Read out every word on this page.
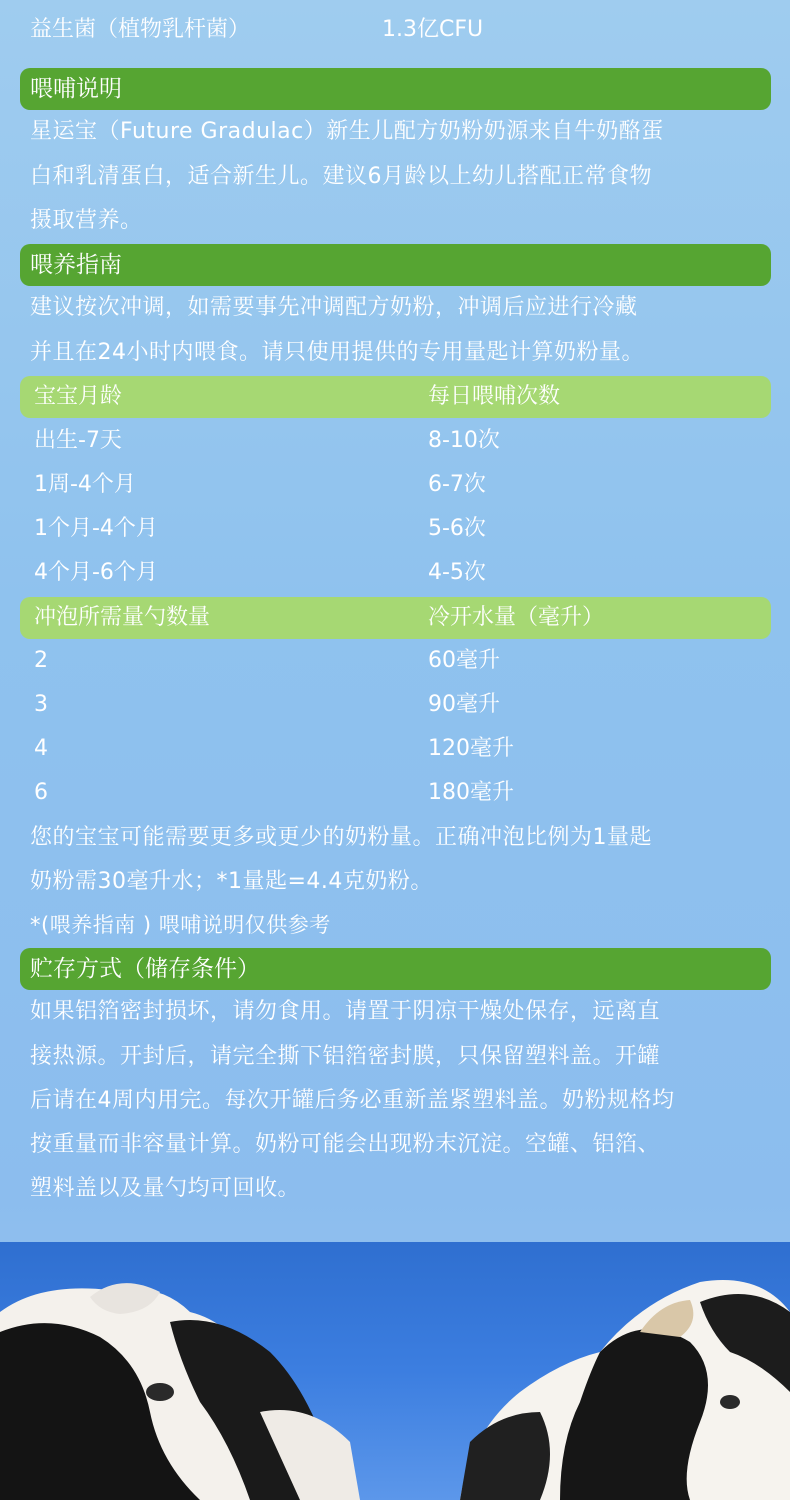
益生菌（植物乳杆菌）	1.3亿CFU
喂哺说明
星运宝（Future Gradulac）新生儿配方奶粉奶源来自牛奶酪蛋
白和乳清蛋白，适合新生儿。建议6月龄以上幼儿搭配正常食物
摄取营养。
喂养指南
建议按次冲调，如需要事先冲调配方奶粉，冲调后应进行冷藏
并且在24小时内喂食。请只使用提供的专用量匙计算奶粉量。
宝宝月龄	每日喂哺次数
出生-7天	8-10次
1周-4个月	6-7次
1个月-4个月	5-6次
4个月-6个月	4-5次
冲泡所需量勺数量	冷开水量（毫升）
2	60毫升
3	90毫升
4	120毫升
6	180毫升
您的宝宝可能需要更多或更少的奶粉量。正确冲泡比例为1量匙
奶粉需30毫升水；*1量匙=4.4克奶粉。
*(喂养指南 ) 喂哺说明仅供参考
贮存方式（储存条件）
如果铝箔密封损坏，请勿食用。请置于阴凉干燥处保存，远离直
接热源。开封后，请完全撕下铝箔密封膜，只保留塑料盖。开罐
后请在4周内用完。每次开罐后务必重新盖紧塑料盖。奶粉规格均
按重量而非容量计算。奶粉可能会出现粉末沉淀。空罐、铝箔、
塑料盖以及量勺均可回收。
